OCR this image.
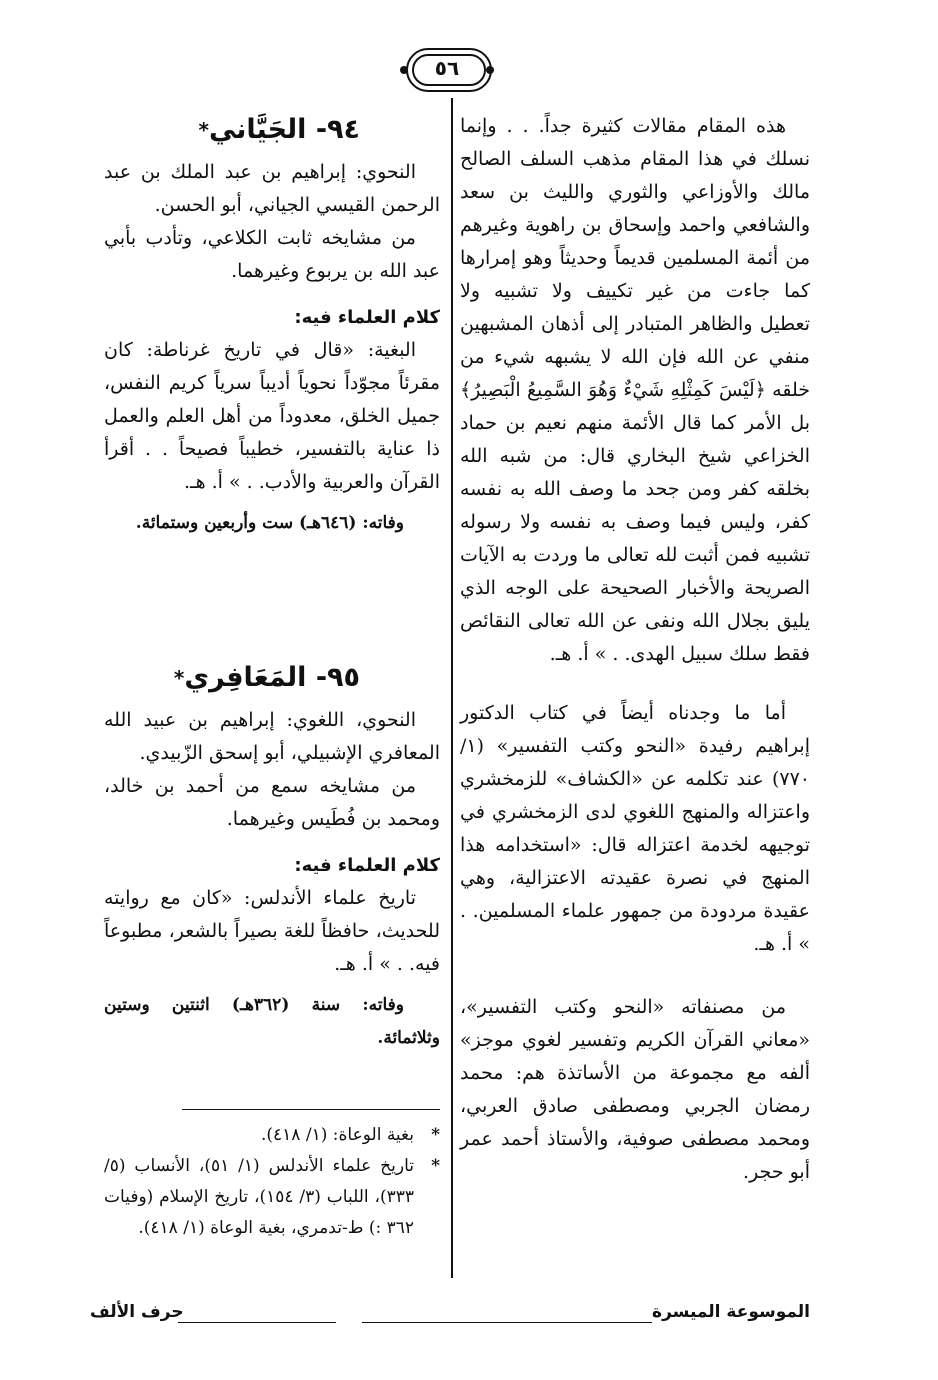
٥٦

هذه المقام مقالات كثيرة جداً. . . وإنما نسلك في هذا المقام مذهب السلف الصالح مالك والأوزاعي والثوري والليث بن سعد والشافعي واحمد وإسحاق بن راهوية وغيرهم من أئمة المسلمين قديماً وحديثاً وهو إمرارها كما جاءت من غير تكييف ولا تشبيه ولا تعطيل والظاهر المتبادر إلى أذهان المشبهين منفي عن الله فإن الله لا يشبهه شيء من خلقه ﴿لَيْسَ كَمِثْلِهِ شَيْءٌ وَهُوَ السَّمِيعُ الْبَصِيرُ﴾ بل الأمر كما قال الأئمة منهم نعيم بن حماد الخزاعي شيخ البخاري قال: من شبه الله بخلقه كفر ومن جحد ما وصف الله به نفسه كفر، وليس فيما وصف به نفسه ولا رسوله تشبيه فمن أثبت لله تعالى ما وردت به الآيات الصريحة والأخبار الصحيحة على الوجه الذي يليق بجلال الله ونفى عن الله تعالى النقائص فقط سلك سبيل الهدى. . » أ. هـ.

أما ما وجدناه أيضاً في كتاب الدكتور إبراهيم رفيدة «النحو وكتب التفسير» (١/ ٧٧٠) عند تكلمه عن «الكشاف» للزمخشري واعتزاله والمنهج اللغوي لدى الزمخشري في توجيهه لخدمة اعتزاله قال: «استخدامه هذا المنهج في نصرة عقيدته الاعتزالية، وهي عقيدة مردودة من جمهور علماء المسلمين. . » أ. هـ.

من مصنفاته «النحو وكتب التفسير»، «معاني القرآن الكريم وتفسير لغوي موجز» ألفه مع مجموعة من الأساتذة هم: محمد رمضان الجربي ومصطفى صادق العربي، ومحمد مصطفى صوفية، والأستاذ أحمد عمر أبو حجر.

٩٤- الجَيَّاني*

النحوي: إبراهيم بن عبد الملك بن عبد الرحمن القيسي الجياني، أبو الحسن.

من مشايخه ثابت الكلاعي، وتأدب بأبي عبد الله بن يربوع وغيرهما.

كلام العلماء فيه:

البغية: «قال في تاريخ غرناطة: كان مقرئاً مجوّداً نحوياً أديباً سرياً كريم النفس، جميل الخلق، معدوداً من أهل العلم والعمل ذا عناية بالتفسير، خطيباً فصيحاً . . أقرأ القرآن والعربية والأدب. . » أ. هـ.

وفاته: (٦٤٦هـ) ست وأربعين وستمائة.

٩٥- المَعَافِري*

النحوي، اللغوي: إبراهيم بن عبيد الله المعافري الإشبيلي، أبو إسحق الزّبيدي.

من مشايخه سمع من أحمد بن خالد، ومحمد بن فُطَيس وغيرهما.

كلام العلماء فيه:

تاريخ علماء الأندلس: «كان مع روايته للحديث، حافظاً للغة بصيراً بالشعر، مطبوعاً فيه. . » أ. هـ.

وفاته: سنة (٣٦٢هـ) اثنتين وستين وثلاثمائة.

*
بغية الوعاة: (١/ ٤١٨).

*
تاريخ علماء الأندلس (١/ ٥١)، الأنساب (٥/ ٣٣٣)، اللباب (٣/ ١٥٤)، تاريخ الإسلام (وفيات ٣٦٢ :) ط-تدمري، بغية الوعاة (١/ ٤١٨).

الموسوعة الميسرة
حرف الألف
